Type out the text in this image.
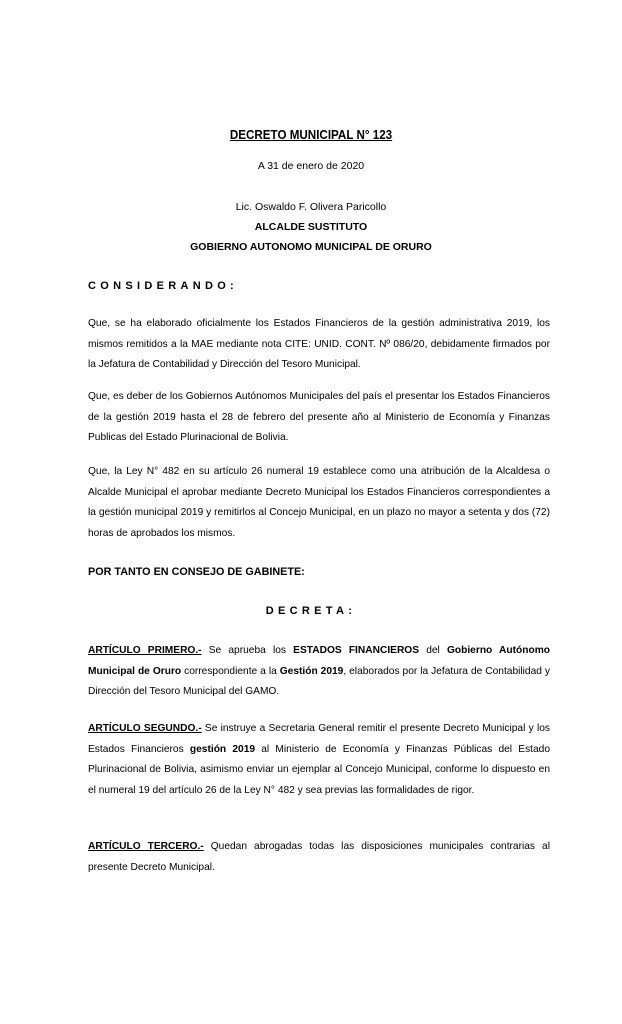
DECRETO MUNICIPAL N° 123
A 31 de enero de 2020
Lic. Oswaldo F. Olivera Paricollo
ALCALDE SUSTITUTO
GOBIERNO AUTONOMO MUNICIPAL DE ORURO
CONSIDERANDO:

Que, se ha elaborado oficialmente los Estados Financieros de la gestión administrativa 2019, los mismos remitidos a la MAE mediante nota CITE: UNID. CONT. Nº 086/20, debidamente firmados por la Jefatura de Contabilidad y Dirección del Tesoro Municipal.

Que, es deber de los Gobiernos Autónomos Municipales del país el presentar los Estados Financieros de la gestión 2019 hasta el 28 de febrero del presente año al Ministerio de Economía y Finanzas Publicas del Estado Plurinacional de Bolivia.

Que, la Ley N° 482 en su artículo 26 numeral 19 establece como una atribución de la Alcaldesa o Alcalde Municipal el aprobar mediante Decreto Municipal los Estados Financieros correspondientes a la gestión municipal 2019 y remitirlos al Concejo Municipal, en un plazo no mayor a setenta y dos (72) horas de aprobados los mismos.

POR TANTO EN CONSEJO DE GABINETE:
DECRETA:

ARTÍCULO PRIMERO.- Se aprueba los ESTADOS FINANCIEROS del Gobierno Autónomo Municipal de Oruro correspondiente a la Gestión 2019, elaborados por la Jefatura de Contabilidad y Dirección del Tesoro Municipal del GAMO.

ARTÍCULO SEGUNDO.- Se instruye a Secretaria General remitir el presente Decreto Municipal y los Estados Financieros gestión 2019 al Ministerio de Economía y Finanzas Públicas del Estado Plurinacional de Bolivia, asimismo enviar un ejemplar al Concejo Municipal, conforme lo dispuesto en el numeral 19 del artículo 26 de la Ley N° 482 y sea previas las formalidades de rigor.

ARTÍCULO TERCERO.- Quedan abrogadas todas las disposiciones municipales contrarias al presente Decreto Municipal.
